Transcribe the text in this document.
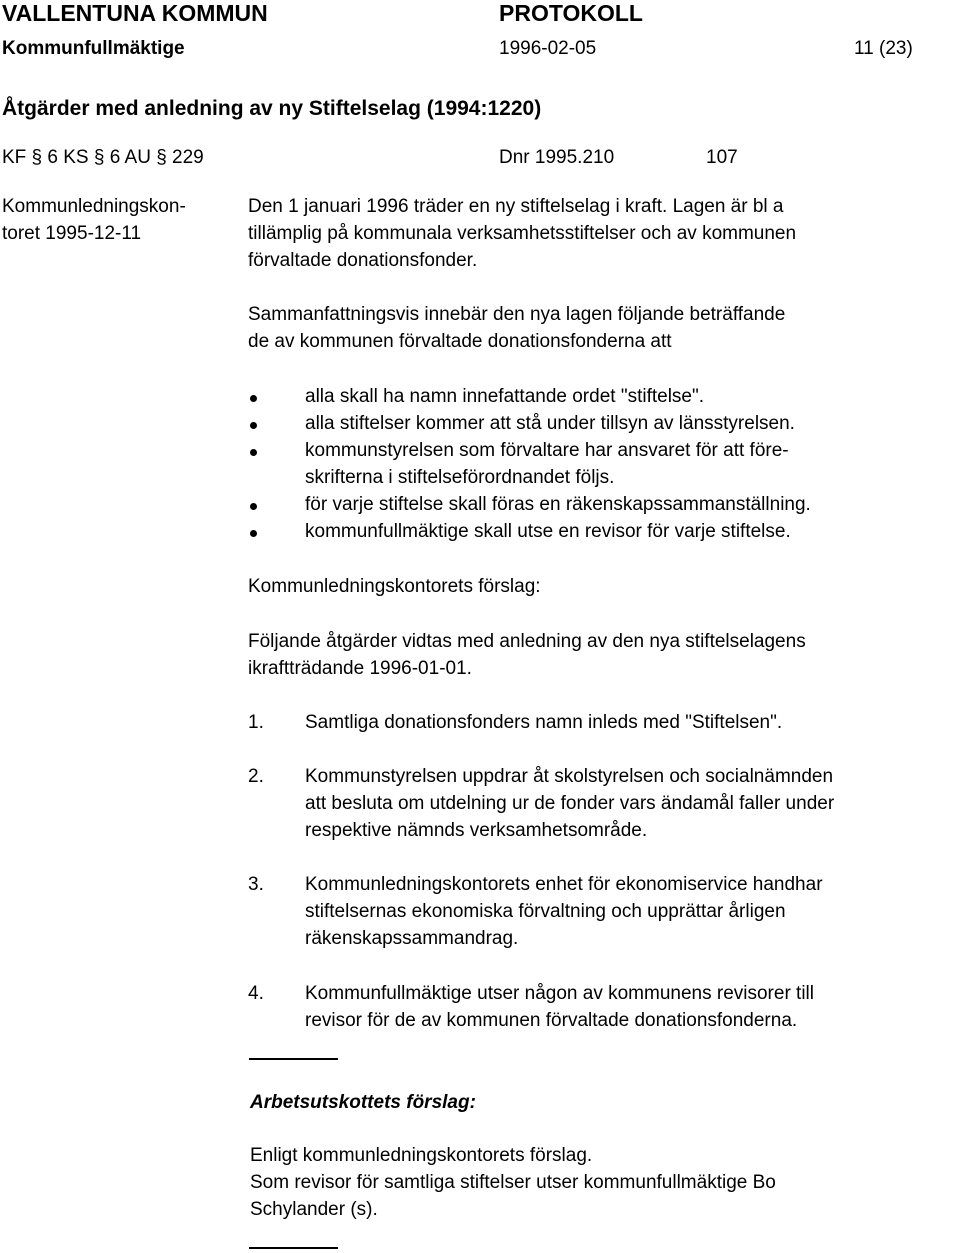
VALLENTUNA KOMMUN	PROTOKOLL
Kommunfullmäktige	1996-02-05	11 (23)
Åtgärder med anledning av ny Stiftelselag (1994:1220)
KF § 6 KS § 6 AU § 229	Dnr 1995.210	107
Kommunledningskon-
toret 1995-12-11
Den 1 januari 1996 träder en ny stiftelselag i kraft. Lagen är bl a
tillämplig på kommunala verksamhetsstiftelser och av kommunen
förvaltade donationsfonder.
Sammanfattningsvis innebär den nya lagen följande beträffande
de av kommunen förvaltade donationsfonderna att
alla skall ha namn innefattande ordet "stiftelse".
alla stiftelser kommer att stå under tillsyn av länsstyrelsen.
kommunstyrelsen som förvaltare har ansvaret för att före-
skrifterna i stiftelseförordnandet följs.
för varje stiftelse skall föras en räkenskapssammanställning.
kommunfullmäktige skall utse en revisor för varje stiftelse.
Kommunledningskontorets förslag:
Följande åtgärder vidtas med anledning av den nya stiftelselagens
ikraftträdande 1996-01-01.
1. Samtliga donationsfonders namn inleds med "Stiftelsen".
2. Kommunstyrelsen uppdrar åt skolstyrelsen och socialnämnden
att besluta om utdelning ur de fonder vars ändamål faller under
respektive nämnds verksamhetsområde.
3. Kommunledningskontorets enhet för ekonomiservice handhar
stiftelsernas ekonomiska förvaltning och upprättar årligen
räkenskapssammandrag.
4. Kommunfullmäktige utser någon av kommunens revisorer till
revisor för de av kommunen förvaltade donationsfonderna.
Arbetsutskottets förslag:
Enligt kommunledningskontorets förslag.
Som revisor för samtliga stiftelser utser kommunfullmäktige Bo
Schylander (s).
